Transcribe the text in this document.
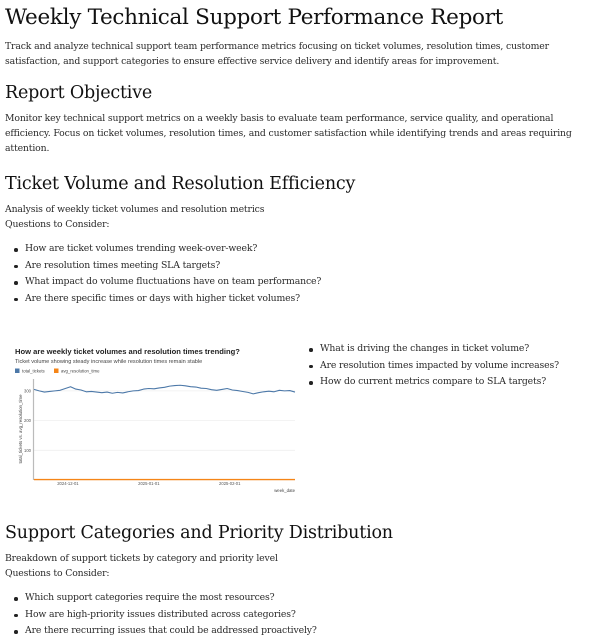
Weekly Technical Support Performance Report

Track and analyze technical support team performance metrics focusing on ticket volumes, resolution times, customer satisfaction, and support categories to ensure effective service delivery and identify areas for improvement.

Report Objective

Monitor key technical support metrics on a weekly basis to evaluate team performance, service quality, and operational efficiency. Focus on ticket volumes, resolution times, and customer satisfaction while identifying trends and areas requiring attention.

Ticket Volume and Resolution Efficiency

Analysis of weekly ticket volumes and resolution metrics

Questions to Consider:

How are ticket volumes trending week-over-week?
Are resolution times meeting SLA targets?
What impact do volume fluctuations have on team performance?
Are there specific times or days with higher ticket volumes?
How are weekly ticket volumes and resolution times trending?
Ticket volume showing steady increase while resolution times remain stable
total_tickets	avg_resolution_time
100
200
300
2024-12-01	2025-01-01	2025-02-01
total_tickets vs. avg_resolution_time
week_date
What is driving the changes in ticket volume?
Are resolution times impacted by volume increases?
How do current metrics compare to SLA targets?
Support Categories and Priority Distribution

Breakdown of support tickets by category and priority level

Questions to Consider:

Which support categories require the most resources?
How are high-priority issues distributed across categories?
Are there recurring issues that could be addressed proactively?
